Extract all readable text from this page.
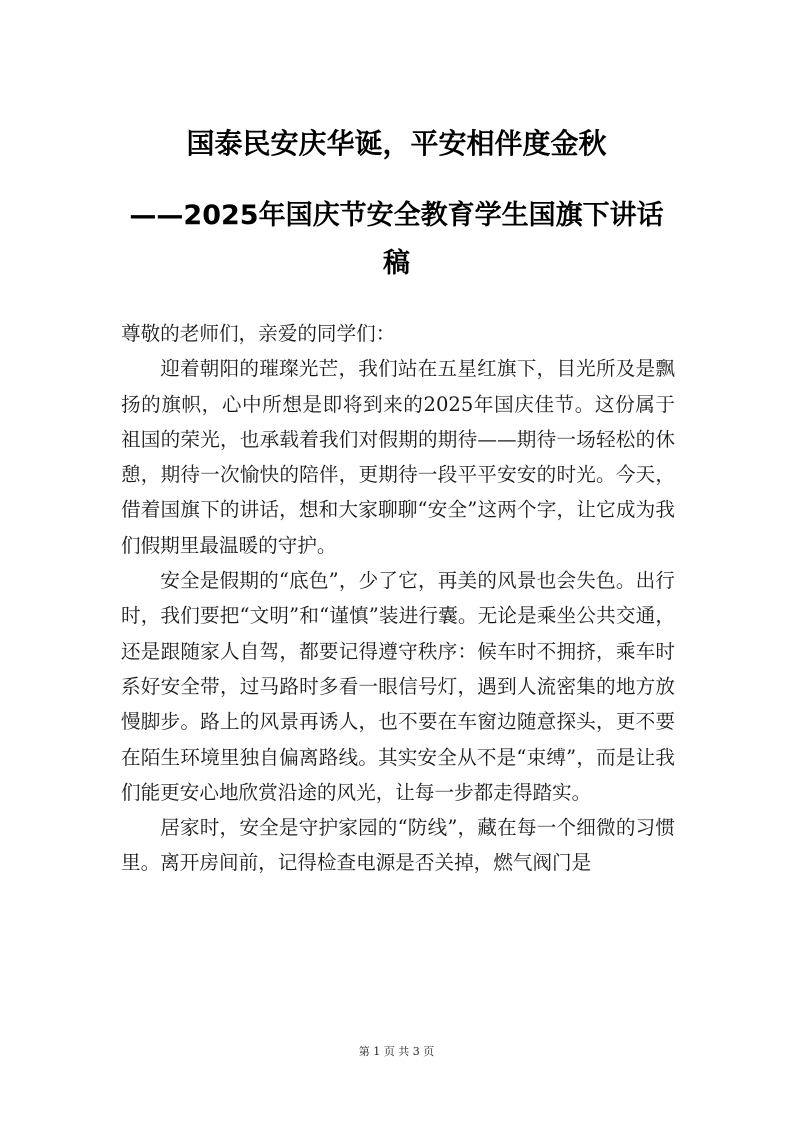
国泰民安庆华诞，平安相伴度金秋
——2025年国庆节安全教育学生国旗下讲话稿

尊敬的老师们，亲爱的同学们：

迎着朝阳的璀璨光芒，我们站在五星红旗下，目光所及是飘扬的旗帜，心中所想是即将到来的2025年国庆佳节。这份属于祖国的荣光，也承载着我们对假期的期待——期待一场轻松的休憩，期待一次愉快的陪伴，更期待一段平平安安的时光。今天，借着国旗下的讲话，想和大家聊聊“安全”这两个字，让它成为我们假期里最温暖的守护。

安全是假期的“底色”，少了它，再美的风景也会失色。出行时，我们要把“文明”和“谨慎”装进行囊。无论是乘坐公共交通，还是跟随家人自驾，都要记得遵守秩序：候车时不拥挤，乘车时系好安全带，过马路时多看一眼信号灯，遇到人流密集的地方放慢脚步。路上的风景再诱人，也不要在车窗边随意探头，更不要在陌生环境里独自偏离路线。其实安全从不是“束缚”，而是让我们能更安心地欣赏沿途的风光，让每一步都走得踏实。

居家时，安全是守护家园的“防线”，藏在每一个细微的习惯里。离开房间前，记得检查电源是否关掉，燃气阀门是

第 1 页 共 3 页
